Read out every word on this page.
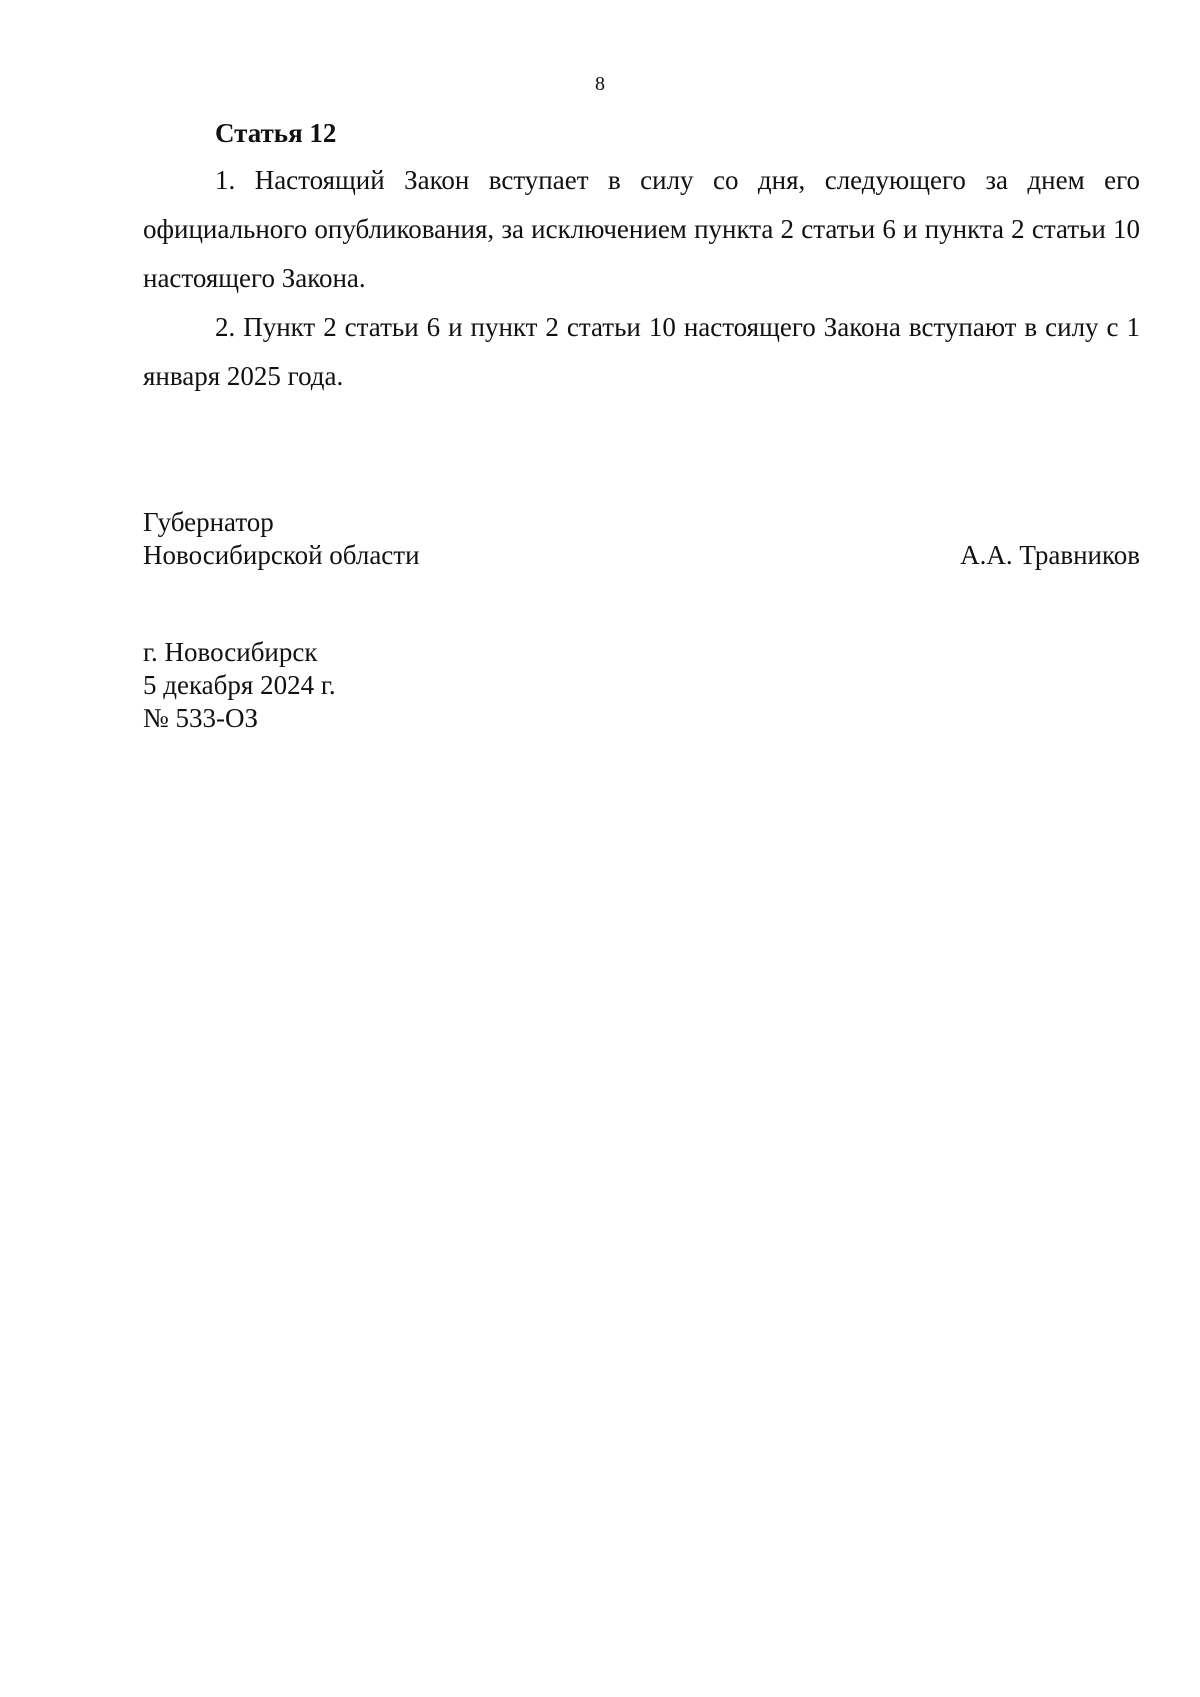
8
Статья 12

1. Настоящий Закон вступает в силу со дня, следующего за днем его официального опубликования, за исключением пункта 2 статьи 6 и пункта 2 статьи 10 настоящего Закона.

2. Пункт 2 статьи 6 и пункт 2 статьи 10 настоящего Закона вступают в силу с 1 января 2025 года.

Губернатор
Новосибирской области	А.А. Травников
г. Новосибирск
5 декабря 2024 г.
№ 533-ОЗ
